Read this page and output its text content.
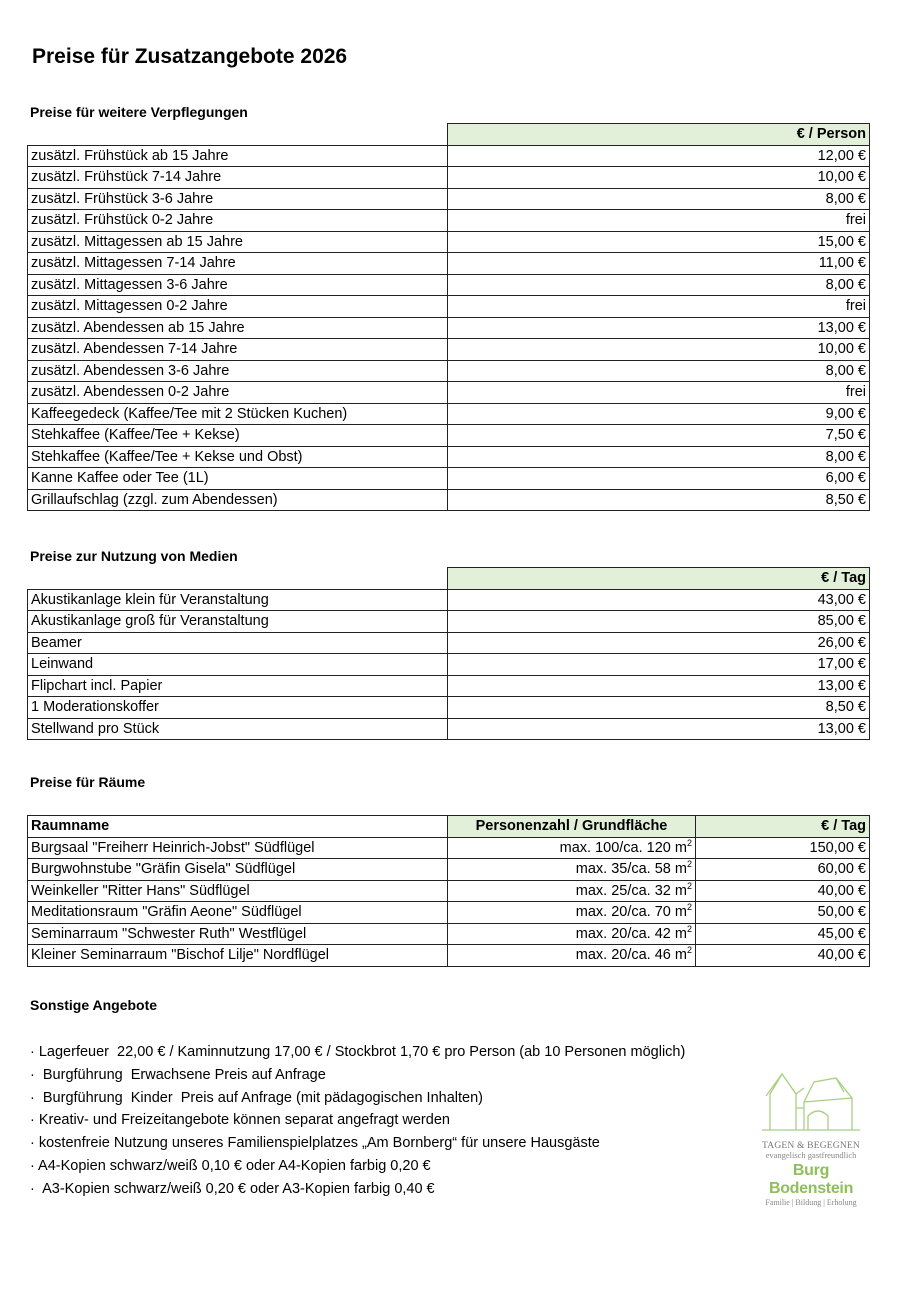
Preise für Zusatzangebote 2026
Preise für weitere Verpflegungen
	€ / Person
zusätzl. Frühstück ab 15 Jahre	12,00 €
zusätzl. Frühstück 7-14 Jahre	10,00 €
zusätzl. Frühstück 3-6 Jahre	8,00 €
zusätzl. Frühstück 0-2 Jahre	frei
zusätzl. Mittagessen ab 15 Jahre	15,00 €
zusätzl. Mittagessen 7-14 Jahre	11,00 €
zusätzl. Mittagessen 3-6 Jahre	8,00 €
zusätzl. Mittagessen 0-2 Jahre	frei
zusätzl. Abendessen ab 15 Jahre	13,00 €
zusätzl. Abendessen 7-14 Jahre	10,00 €
zusätzl. Abendessen 3-6 Jahre	8,00 €
zusätzl. Abendessen 0-2 Jahre	frei
Kaffeegedeck (Kaffee/Tee mit 2 Stücken Kuchen)	9,00 €
Stehkaffee (Kaffee/Tee + Kekse)	7,50 €
Stehkaffee (Kaffee/Tee + Kekse und Obst)	8,00 €
Kanne Kaffee oder Tee (1L)	6,00 €
Grillaufschlag (zzgl. zum Abendessen)	8,50 €
Preise zur Nutzung von Medien
	€ / Tag
Akustikanlage klein für Veranstaltung	43,00 €
Akustikanlage groß für Veranstaltung	85,00 €
Beamer	26,00 €
Leinwand	17,00 €
Flipchart incl. Papier	13,00 €
1 Moderationskoffer	8,50 €
Stellwand pro Stück	13,00 €
Preise für Räume
Raumname	Personenzahl / Grundfläche	€ / Tag
Burgsaal "Freiherr Heinrich-Jobst" Südflügel	max. 100/ca. 120 $m^2$	150,00 €
Burgwohnstube "Gräfin Gisela" Südflügel	max. 35/ca. 58 $m^2$	60,00 €
Weinkeller "Ritter Hans" Südflügel	max. 25/ca. 32 $m^2$	40,00 €
Meditationsraum "Gräfin Aeone" Südflügel	max. 20/ca. 70 $m^2$	50,00 €
Seminarraum "Schwester Ruth" Westflügel	max. 20/ca. 42 $m^2$	45,00 €
Kleiner Seminarraum "Bischof Lilje" Nordflügel	max. 20/ca. 46 $m^2$	40,00 €
Sonstige Angebote
· Lagerfeuer  22,00 € / Kaminnutzung 17,00 € / Stockbrot 1,70 € pro Person (ab 10 Personen möglich)
·  Burgführung  Erwachsene Preis auf Anfrage
·  Burgführung  Kinder  Preis auf Anfrage (mit pädagogischen Inhalten)
· Kreativ- und Freizeitangebote können separat angefragt werden
· kostenfreie Nutzung unseres Familienspielplatzes „Am Bornberg“ für unsere Hausgäste
· A4-Kopien schwarz/weiß 0,10 € oder A4-Kopien farbig 0,20 €
·  A3-Kopien schwarz/weiß 0,20 € oder A3-Kopien farbig 0,40 €
TAGEN & BEGEGNEN
evangelisch gastfreundlich
Burg Bodenstein
Familie | Bildung | Erholung
